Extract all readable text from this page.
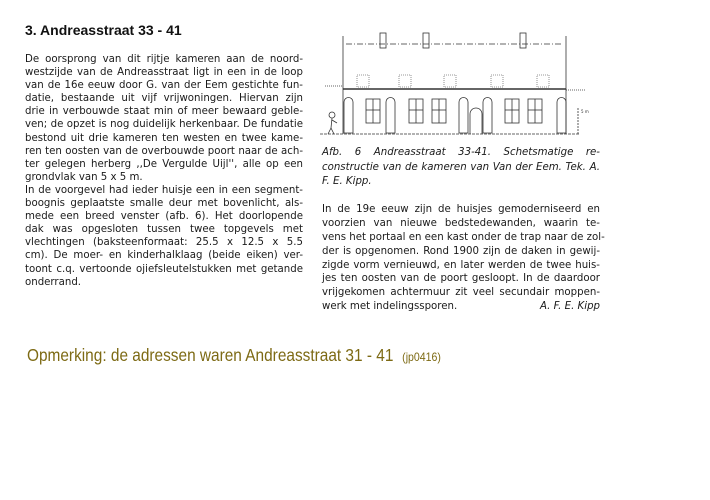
3. Andreasstraat 33 - 41
De oorsprong van dit rijtje kameren aan de noord-
westzijde van de Andreasstraat ligt in een in de loop
van de 16e eeuw door G. van der Eem gestichte fun-
datie, bestaande uit vijf vrijwoningen. Hiervan zijn
drie in verbouwde staat min of meer bewaard geble-
ven; de opzet is nog duidelijk herkenbaar. De fundatie
bestond uit drie kameren ten westen en twee kame-
ren ten oosten van de overbouwde poort naar de ach-
ter gelegen herberg ,,De Vergulde Uijl'', alle op een
grondvlak van 5 x 5 m.
In de voorgevel had ieder huisje een in een segment-
boognis geplaatste smalle deur met bovenlicht, als-
mede een breed venster (afb. 6). Het doorlopende
dak was opgesloten tussen twee topgevels met
vlechtingen (baksteenformaat: 25.5 x 12.5 x 5.5
cm). De moer- en kinderhalklaag (beide eiken) ver-
toont c.q. vertoonde ojiefsleutelstukken met getande
onderrand.
5 m
Afb. 6 Andreasstraat 33-41. Schetsmatige re-
constructie van de kameren van Van der Eem. Tek. A.
F. E. Kipp.
In de 19e eeuw zijn de huisjes gemoderniseerd en
voorzien van nieuwe bedstedewanden, waarin te-
vens het portaal en een kast onder de trap naar de zol-
der is opgenomen. Rond 1900 zijn de daken in gewij-
zigde vorm vernieuwd, en later werden de twee huis-
jes ten oosten van de poort gesloopt. In de daardoor
vrijgekomen achtermuur zit veel secundair moppen-
werk met indelingssporen.	A. F. E. Kipp
Opmerking: de adressen waren Andreasstraat 31 - 41 (jp0416)
